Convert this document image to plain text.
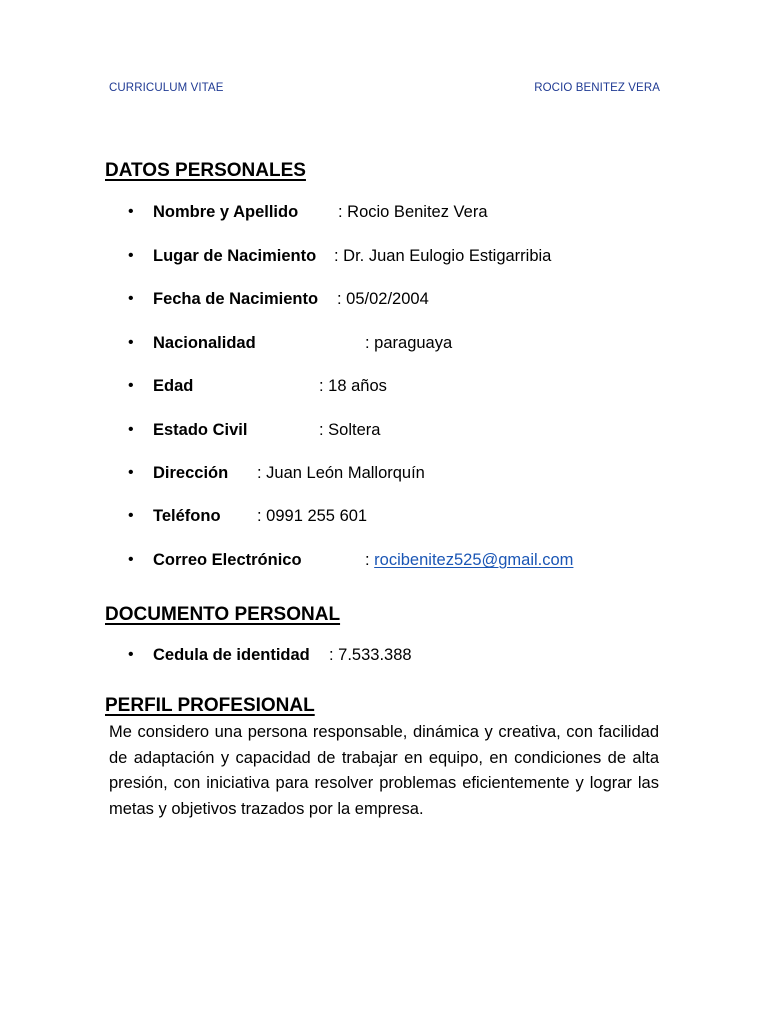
CURRICULUM VITAE	ROCIO BENITEZ VERA
DATOS PERSONALES
• Nombre y Apellido : Rocio Benitez Vera
• Lugar de Nacimiento : Dr. Juan Eulogio Estigarribia
• Fecha de Nacimiento : 05/02/2004
• Nacionalidad	: paraguaya
• Edad	: 18 años
• Estado Civil	: Soltera
• Dirección : Juan León Mallorquín
• Teléfono : 0991 255 601
• Correo Electrónico	: rocibenitez525@gmail.com
DOCUMENTO PERSONAL
• Cedula de identidad : 7.533.388
PERFIL PROFESIONAL

Me considero una persona responsable, dinámica y creativa, con facilidad de adaptación y capacidad de trabajar en equipo, en condiciones de alta presión, con iniciativa para resolver problemas eficientemente y lograr las metas y objetivos trazados por la empresa.
